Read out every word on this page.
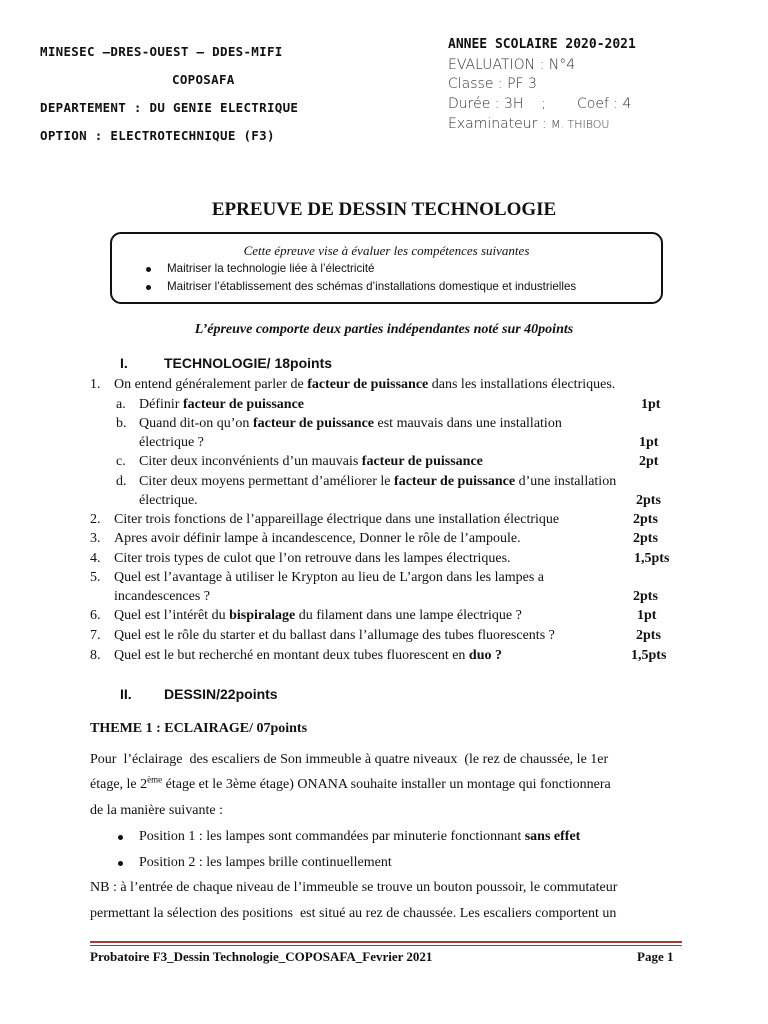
MINESEC –DRES-OUEST – DDES-MIFI
COPOSAFA
DEPARTEMENT : DU GENIE ELECTRIQUE
OPTION : ELECTROTECHNIQUE (F3)
ANNEE SCOLAIRE 2020-2021
EVALUATION : N°4
Classe : PF 3
Durée : 3H    ; Coef : 4
Examinateur : M. THIBOU
EPREUVE DE DESSIN TECHNOLOGIE
Cette épreuve vise à évaluer les compétences suivantes
Maitriser la technologie liée à l’électricité
Maitriser l’établissement des schémas d’installations domestique et industrielles
L’épreuve comporte deux parties indépendantes noté sur 40points
I.	TECHNOLOGIE/ 18points
1. On entend généralement parler de facteur de puissance dans les installations électriques.
a. Définir facteur de puissance	1pt
b. Quand dit-on qu’on facteur de puissance est mauvais dans une installation
électrique ?	1pt
c. Citer deux inconvénients d’un mauvais facteur de puissance	2pt
d. Citer deux moyens permettant d’améliorer le facteur de puissance d’une installation
électrique.	2pts
2. Citer trois fonctions de l’appareillage électrique dans une installation électrique	2pts
3. Apres avoir définir lampe à incandescence, Donner le rôle de l’ampoule.	2pts
4. Citer trois types de culot que l’on retrouve dans les lampes électriques.	1,5pts
5. Quel est l’avantage à utiliser le Krypton au lieu de L’argon dans les lampes a
incandescences ?	2pts
6. Quel est l’intérêt du bispiralage du filament dans une lampe électrique ?	1pt
7. Quel est le rôle du starter et du ballast dans l’allumage des tubes fluorescents ?	2pts
8. Quel est le but recherché en montant deux tubes fluorescent en duo ?	1,5pts
II. DESSIN/22points
THEME 1 : ECLAIRAGE/ 07points
Pour  l’éclairage  des escaliers de Son immeuble à quatre niveaux  (le rez de chaussée, le 1er
étage, le 2ème étage et le 3ème étage) ONANA souhaite installer un montage qui fonctionnera
de la manière suivante :
Position 1 : les lampes sont commandées par minuterie fonctionnant sans effet
Position 2 : les lampes brille continuellement
NB : à l’entrée de chaque niveau de l’immeuble se trouve un bouton poussoir, le commutateur
permettant la sélection des positions  est situé au rez de chaussée. Les escaliers comportent un
Probatoire F3_Dessin Technologie_COPOSAFA_Fevrier 2021	Page 1
